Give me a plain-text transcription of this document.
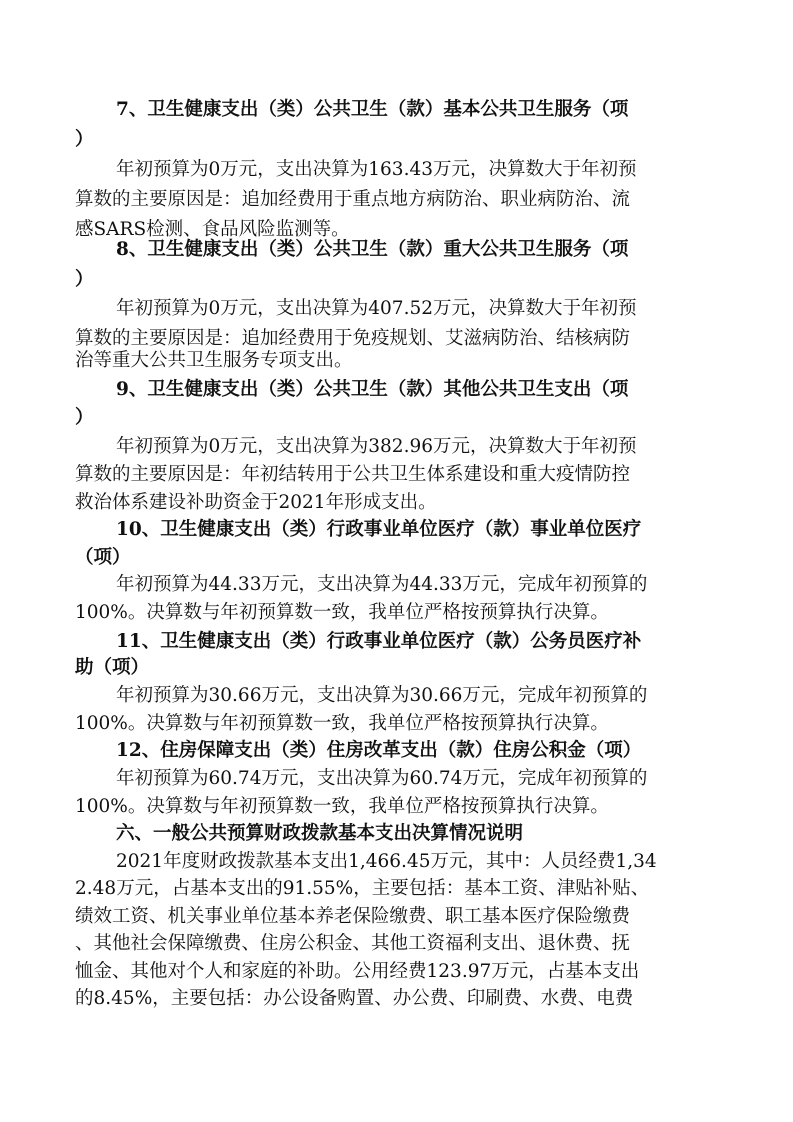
7、卫生健康支出（类）公共卫生（款）基本公共卫生服务（项
）
年初预算为0万元，支出决算为163.43万元，决算数大于年初预
算数的主要原因是：追加经费用于重点地方病防治、职业病防治、流
感SARS检测、食品风险监测等。
8、卫生健康支出（类）公共卫生（款）重大公共卫生服务（项
）
年初预算为0万元，支出决算为407.52万元，决算数大于年初预
算数的主要原因是：追加经费用于免疫规划、艾滋病防治、结核病防
治等重大公共卫生服务专项支出。
9、卫生健康支出（类）公共卫生（款）其他公共卫生支出（项
）
年初预算为0万元，支出决算为382.96万元，决算数大于年初预
算数的主要原因是：年初结转用于公共卫生体系建设和重大疫情防控
救治体系建设补助资金于2021年形成支出。
10、卫生健康支出（类）行政事业单位医疗（款）事业单位医疗
（项）
年初预算为44.33万元，支出决算为44.33万元，完成年初预算的
100%。决算数与年初预算数一致，我单位严格按预算执行决算。
11、卫生健康支出（类）行政事业单位医疗（款）公务员医疗补
助（项）
年初预算为30.66万元，支出决算为30.66万元，完成年初预算的
100%。决算数与年初预算数一致，我单位严格按预算执行决算。
12、住房保障支出（类）住房改革支出（款）住房公积金（项）
年初预算为60.74万元，支出决算为60.74万元，完成年初预算的
100%。决算数与年初预算数一致，我单位严格按预算执行决算。
六、一般公共预算财政拨款基本支出决算情况说明
2021年度财政拨款基本支出1,466.45万元，其中：人员经费1,34
2.48万元，占基本支出的91.55%，主要包括：基本工资、津贴补贴、
绩效工资、机关事业单位基本养老保险缴费、职工基本医疗保险缴费
、其他社会保障缴费、住房公积金、其他工资福利支出、退休费、抚
恤金、其他对个人和家庭的补助。公用经费123.97万元，占基本支出
的8.45%，主要包括：办公设备购置、办公费、印刷费、水费、电费
